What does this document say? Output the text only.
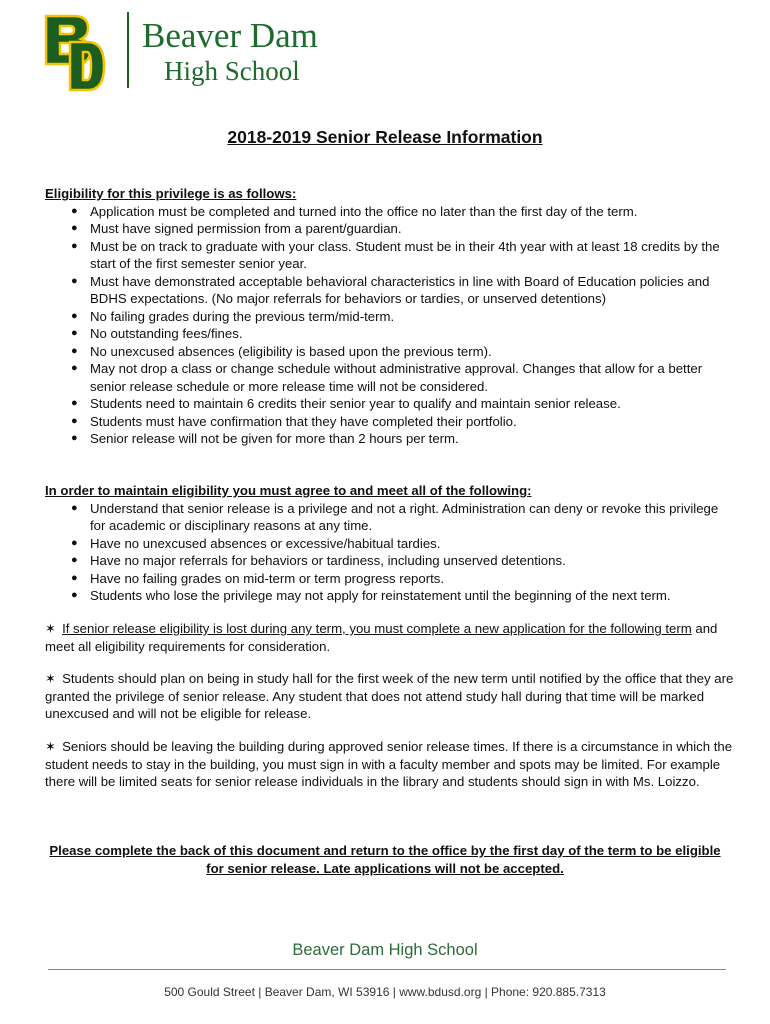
Beaver Dam
High School
2018-2019 Senior Release Information
Eligibility for this privilege is as follows:
● Application must be completed and turned into the office no later than the first day of the term.
● Must have signed permission from a parent/guardian.
● Must be on track to graduate with your class. Student must be in their 4th year with at least 18 credits by the start of the first semester senior year.
● Must have demonstrated acceptable behavioral characteristics in line with Board of Education policies and BDHS expectations. (No major referrals for behaviors or tardies, or unserved detentions)
● No failing grades during the previous term/mid-term.
● No outstanding fees/fines.
● No unexcused absences (eligibility is based upon the previous term).
● May not drop a class or change schedule without administrative approval. Changes that allow for a better senior release schedule or more release time will not be considered.
● Students need to maintain 6 credits their senior year to qualify and maintain senior release.
● Students must have confirmation that they have completed their portfolio.
● Senior release will not be given for more than 2 hours per term.
In order to maintain eligibility you must agree to and meet all of the following:
● Understand that senior release is a privilege and not a right. Administration can deny or revoke this privilege for academic or disciplinary reasons at any time.
● Have no unexcused absences or excessive/habitual tardies.
● Have no major referrals for behaviors or tardiness, including unserved detentions.
● Have no failing grades on mid-term or term progress reports.
● Students who lose the privilege may not apply for reinstatement until the beginning of the next term.

✶ If senior release eligibility is lost during any term, you must complete a new application for the following term and meet all eligibility requirements for consideration.

✶ Students should plan on being in study hall for the first week of the new term until notified by the office that they are granted the privilege of senior release. Any student that does not attend study hall during that time will be marked unexcused and will not be eligible for release.

✶ Seniors should be leaving the building during approved senior release times. If there is a circumstance in which the student needs to stay in the building, you must sign in with a faculty member and spots may be limited. For example there will be limited seats for senior release individuals in the library and students should sign in with Ms. Loizzo.

Please complete the back of this document and return to the office by the first day of the term to be eligible for senior release. Late applications will not be accepted.
Beaver Dam High School
500 Gould Street | Beaver Dam, WI 53916 | www.bdusd.org | Phone: 920.885.7313
